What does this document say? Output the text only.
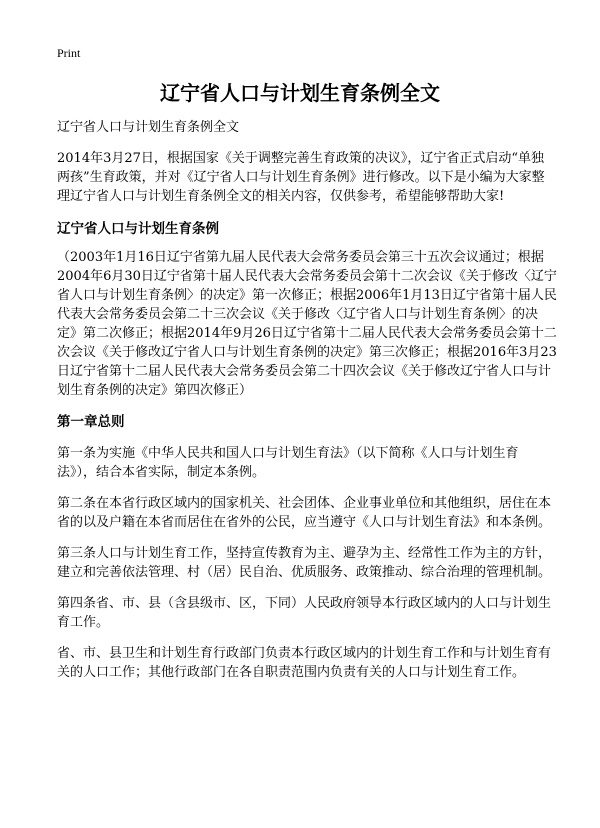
Print
辽宁省人口与计划生育条例全文

辽宁省人口与计划生育条例全文

2014年3月27日，根据国家《关于调整完善生育政策的决议》，辽宁省正式启动“单独两孩”生育政策，并对《辽宁省人口与计划生育条例》进行修改。以下是小编为大家整理辽宁省人口与计划生育条例全文的相关内容，仅供参考，希望能够帮助大家!

辽宁省人口与计划生育条例

（2003年1月16日辽宁省第九届人民代表大会常务委员会第三十五次会议通过；根据2004年6月30日辽宁省第十届人民代表大会常务委员会第十二次会议《关于修改〈辽宁省人口与计划生育条例〉的决定》第一次修正；根据2006年1月13日辽宁省第十届人民代表大会常务委员会第二十三次会议《关于修改〈辽宁省人口与计划生育条例〉的决定》第二次修正；根据2014年9月26日辽宁省第十二届人民代表大会常务委员会第十二次会议《关于修改辽宁省人口与计划生育条例的决定》第三次修正；根据2016年3月23日辽宁省第十二届人民代表大会常务委员会第二十四次会议《关于修改辽宁省人口与计划生育条例的决定》第四次修正）

第一章总则

第一条为实施《中华人民共和国人口与计划生育法》（以下简称《人口与计划生育法》），结合本省实际，制定本条例。

第二条在本省行政区域内的国家机关、社会团体、企业事业单位和其他组织，居住在本省的以及户籍在本省而居住在省外的公民，应当遵守《人口与计划生育法》和本条例。

第三条人口与计划生育工作，坚持宣传教育为主、避孕为主、经常性工作为主的方针，建立和完善依法管理、村（居）民自治、优质服务、政策推动、综合治理的管理机制。

第四条省、市、县（含县级市、区，下同）人民政府领导本行政区域内的人口与计划生育工作。

省、市、县卫生和计划生育行政部门负责本行政区域内的计划生育工作和与计划生育有关的人口工作；其他行政部门在各自职责范围内负责有关的人口与计划生育工作。
